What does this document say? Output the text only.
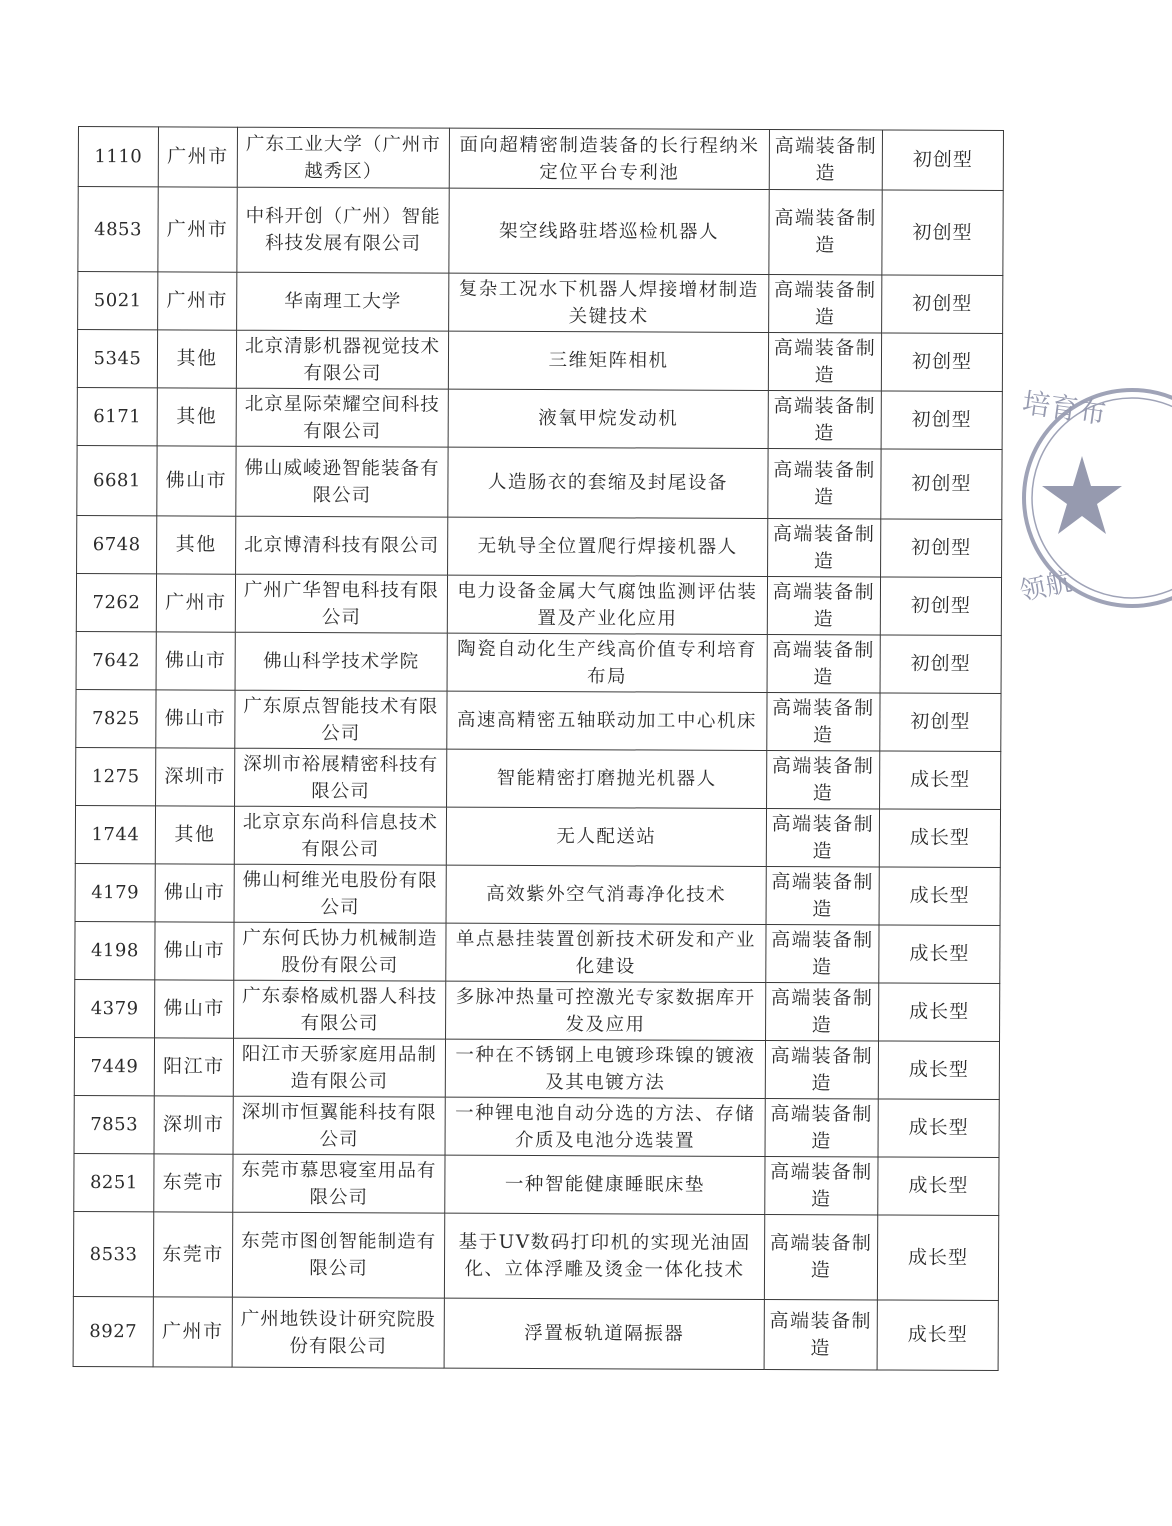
1110	广州市	广东工业大学（广州市越秀区）	面向超精密制造装备的长行程纳米定位平台专利池	高端装备制造	初创型
4853	广州市	中科开创（广州）智能科技发展有限公司	架空线路驻塔巡检机器人	高端装备制造	初创型
5021	广州市	华南理工大学	复杂工况水下机器人焊接增材制造关键技术	高端装备制造	初创型
5345	其他	北京清影机器视觉技术有限公司	三维矩阵相机	高端装备制造	初创型
6171	其他	北京星际荣耀空间科技有限公司	液氧甲烷发动机	高端装备制造	初创型
6681	佛山市	佛山威崚逊智能装备有限公司	人造肠衣的套缩及封尾设备	高端装备制造	初创型
6748	其他	北京博清科技有限公司	无轨导全位置爬行焊接机器人	高端装备制造	初创型
7262	广州市	广州广华智电科技有限公司	电力设备金属大气腐蚀监测评估装置及产业化应用	高端装备制造	初创型
7642	佛山市	佛山科学技术学院	陶瓷自动化生产线高价值专利培育布局	高端装备制造	初创型
7825	佛山市	广东原点智能技术有限公司	高速高精密五轴联动加工中心机床	高端装备制造	初创型
1275	深圳市	深圳市裕展精密科技有限公司	智能精密打磨抛光机器人	高端装备制造	成长型
1744	其他	北京京东尚科信息技术有限公司	无人配送站	高端装备制造	成长型
4179	佛山市	佛山柯维光电股份有限公司	高效紫外空气消毒净化技术	高端装备制造	成长型
4198	佛山市	广东何氏协力机械制造股份有限公司	单点悬挂装置创新技术研发和产业化建设	高端装备制造	成长型
4379	佛山市	广东泰格威机器人科技有限公司	多脉冲热量可控激光专家数据库开发及应用	高端装备制造	成长型
7449	阳江市	阳江市天骄家庭用品制造有限公司	一种在不锈钢上电镀珍珠镍的镀液及其电镀方法	高端装备制造	成长型
7853	深圳市	深圳市恒翼能科技有限公司	一种锂电池自动分选的方法、存储介质及电池分选装置	高端装备制造	成长型
8251	东莞市	东莞市慕思寝室用品有限公司	一种智能健康睡眠床垫	高端装备制造	成长型
8533	东莞市	东莞市图创智能制造有限公司	基于UV数码打印机的实现光油固化、立体浮雕及烫金一体化技术	高端装备制造	成长型
8927	广州市	广州地铁设计研究院股份有限公司	浮置板轨道隔振器	高端装备制造	成长型
培育布
领航
